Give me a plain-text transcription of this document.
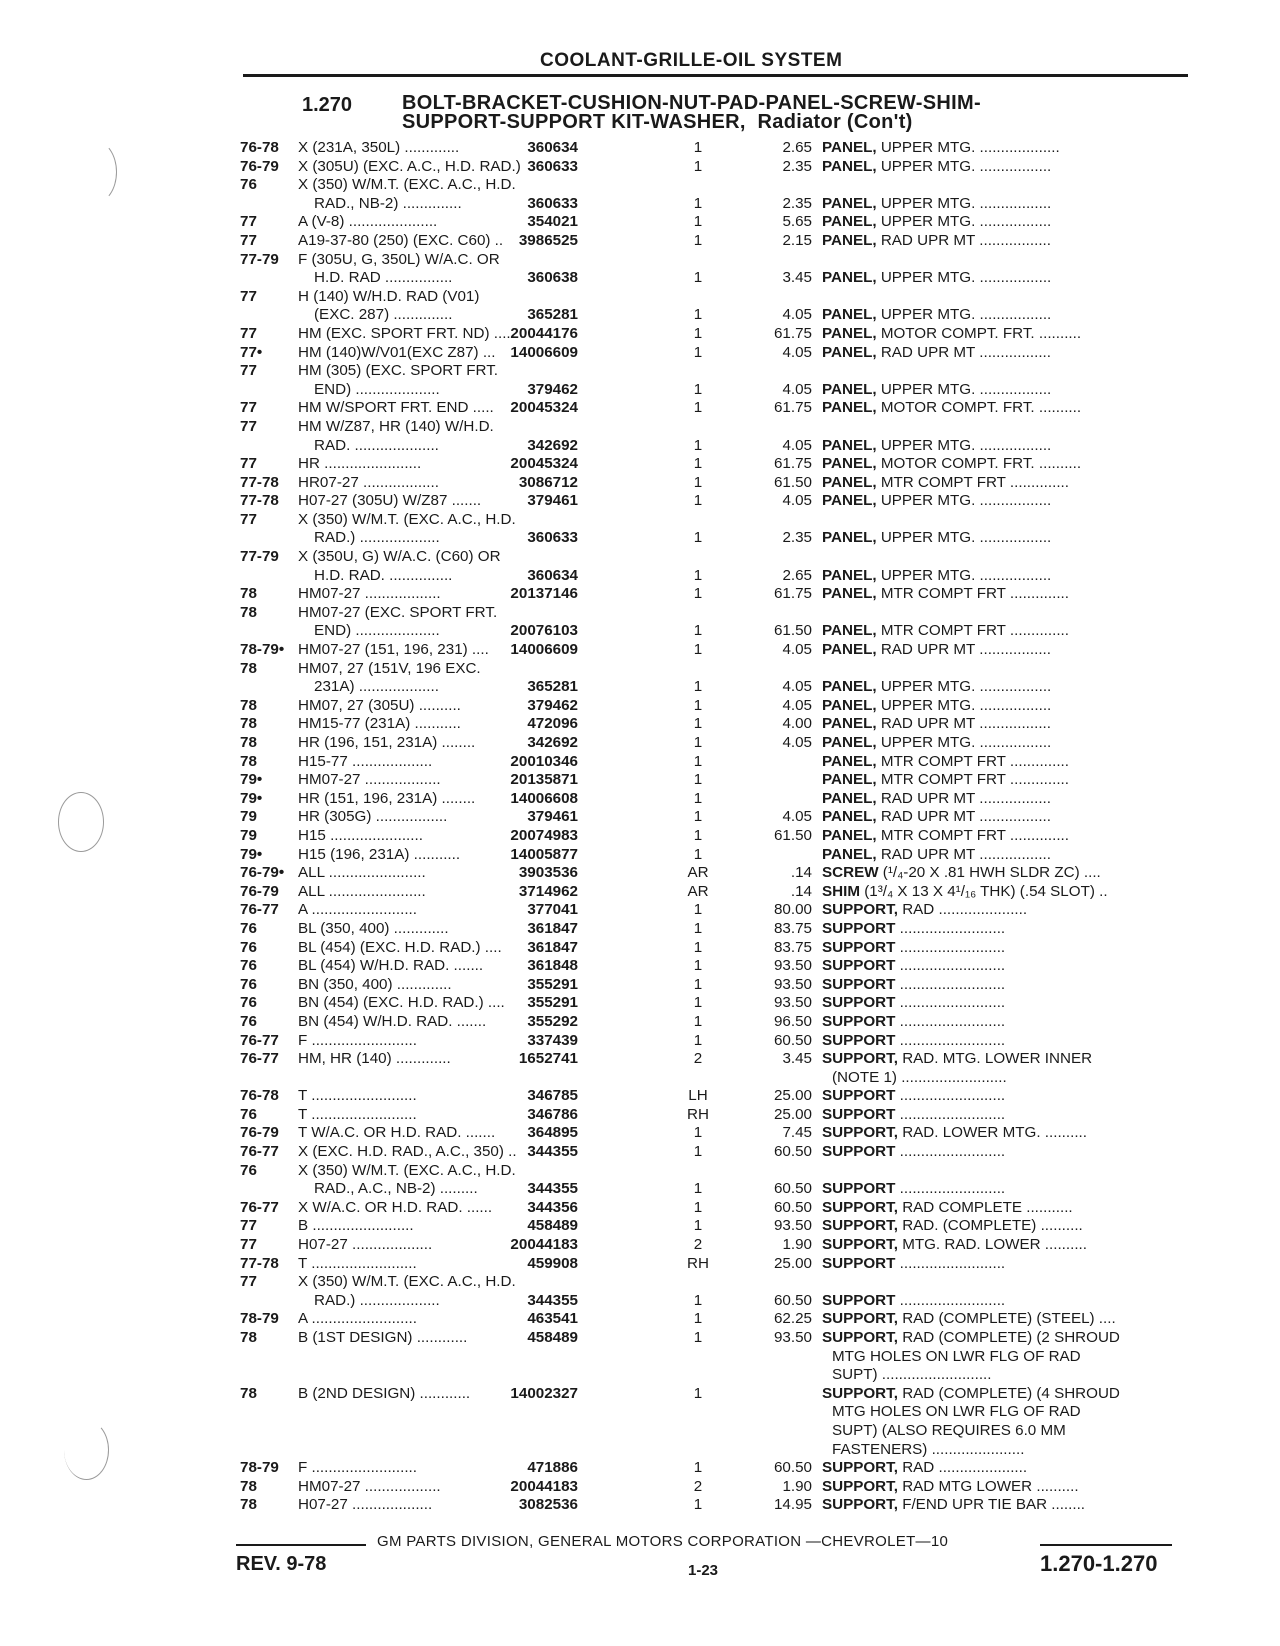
COOLANT-GRILLE-OIL SYSTEM
1.270 BOLT-BRACKET-CUSHION-NUT-PAD-PANEL-SCREW-SHIM-
SUPPORT-SUPPORT KIT-WASHER, Radiator (Con't)
76-78 X (231A, 350L) .............	360634	1	2.65 PANEL, UPPER MTG. ...................
76-79 X (305U) (EXC. A.C., H.D. RAD.) 360633	1	2.35 PANEL, UPPER MTG. .................
76	X (350) W/M.T. (EXC. A.C., H.D.
RAD., NB-2) ..............	360633	1	2.35 PANEL, UPPER MTG. .................
77	A (V-8) .....................	354021	1	5.65 PANEL, UPPER MTG. .................
77	A19-37-80 (250) (EXC. C60) ..	3986525	1	2.15 PANEL, RAD UPR MT .................
77-79 F (305U, G, 350L) W/A.C. OR
H.D. RAD ................	360638	1	3.45 PANEL, UPPER MTG. .................
77	H (140) W/H.D. RAD (V01)
(EXC. 287) ..............	365281	1	4.05 PANEL, UPPER MTG. .................
77	HM (EXC. SPORT FRT. ND) .... 20044176	1	61.75 PANEL, MOTOR COMPT. FRT. ..........
77• HM (140)W/V01(EXC Z87) ... 14006609	1	4.05 PANEL, RAD UPR MT .................
77	HM (305) (EXC. SPORT FRT.
END) ....................	379462	1	4.05 PANEL, UPPER MTG. .................
77	HM W/SPORT FRT. END .....	20045324	1	61.75 PANEL, MOTOR COMPT. FRT. ..........
77	HM W/Z87, HR (140) W/H.D.
RAD. ....................	342692	1	4.05 PANEL, UPPER MTG. .................
77	HR .......................	20045324	1	61.75 PANEL, MOTOR COMPT. FRT. ..........
77-78 HR07-27 ..................	3086712	1	61.50 PANEL, MTR COMPT FRT ..............
77-78 H07-27 (305U) W/Z87 .......	379461	1	4.05 PANEL, UPPER MTG. .................
77	X (350) W/M.T. (EXC. A.C., H.D.
RAD.) ...................	360633	1	2.35 PANEL, UPPER MTG. .................
77-79 X (350U, G) W/A.C. (C60) OR
H.D. RAD. ...............	360634	1	2.65 PANEL, UPPER MTG. .................
78	HM07-27 ..................	20137146	1	61.75 PANEL, MTR COMPT FRT ..............
78	HM07-27 (EXC. SPORT FRT.
END) ....................	20076103	1	61.50 PANEL, MTR COMPT FRT ..............
78-79• HM07-27 (151, 196, 231) ....	14006609	1	4.05 PANEL, RAD UPR MT .................
78	HM07, 27 (151V, 196 EXC.
231A) ...................	365281	1	4.05 PANEL, UPPER MTG. .................
78	HM07, 27 (305U) ..........	379462	1	4.05 PANEL, UPPER MTG. .................
78	HM15-77 (231A) ...........	472096	1	4.00 PANEL, RAD UPR MT .................
78	HR (196, 151, 231A) ........	342692	1	4.05 PANEL, UPPER MTG. .................
78	H15-77 ...................	20010346	1	PANEL, MTR COMPT FRT ..............
79• HM07-27 ..................	20135871	1	PANEL, MTR COMPT FRT ..............
79• HR (151, 196, 231A) ........	14006608	1	PANEL, RAD UPR MT .................
79	HR (305G) .................	379461	1	4.05 PANEL, RAD UPR MT .................
79	H15 ......................	20074983	1	61.50 PANEL, MTR COMPT FRT ..............
79• H15 (196, 231A) ...........	14005877	1	PANEL, RAD UPR MT .................
76-79• ALL .......................	3903536	AR	.14 SCREW (¹/₄-20 X .81 HWH SLDR ZC) ....
76-79 ALL .......................	3714962	AR	.14 SHIM (1³/₄ X 13 X 4¹/₁₆ THK) (.54 SLOT) ..
76-77 A .........................	377041	1	80.00 SUPPORT, RAD .....................
76	BL (350, 400) .............	361847	1	83.75 SUPPORT .........................
76	BL (454) (EXC. H.D. RAD.) ....	361847	1	83.75 SUPPORT .........................
76	BL (454) W/H.D. RAD. .......	361848	1	93.50 SUPPORT .........................
76	BN (350, 400) .............	355291	1	93.50 SUPPORT .........................
76	BN (454) (EXC. H.D. RAD.) ....	355291	1	93.50 SUPPORT .........................
76	BN (454) W/H.D. RAD. .......	355292	1	96.50 SUPPORT .........................
76-77 F .........................	337439	1	60.50 SUPPORT .........................
76-77 HM, HR (140) .............	1652741	2	3.45 SUPPORT, RAD. MTG. LOWER INNER
(NOTE 1) .........................
76-78 T .........................	346785	LH	25.00 SUPPORT .........................
76	T .........................	346786	RH	25.00 SUPPORT .........................
76-79 T W/A.C. OR H.D. RAD. .......	364895	1	7.45 SUPPORT, RAD. LOWER MTG. ..........
76-77 X (EXC. H.D. RAD., A.C., 350) .. 344355	1	60.50 SUPPORT .........................
76	X (350) W/M.T. (EXC. A.C., H.D.
RAD., A.C., NB-2) .........	344355	1	60.50 SUPPORT .........................
76-77 X W/A.C. OR H.D. RAD. ......	344356	1	60.50 SUPPORT, RAD COMPLETE ...........
77	B ........................	458489	1	93.50 SUPPORT, RAD. (COMPLETE) ..........
77	H07-27 ...................	20044183	2	1.90 SUPPORT, MTG. RAD. LOWER ..........
77-78 T .........................	459908	RH	25.00 SUPPORT .........................
77	X (350) W/M.T. (EXC. A.C., H.D.
RAD.) ...................	344355	1	60.50 SUPPORT .........................
78-79 A .........................	463541	1	62.25 SUPPORT, RAD (COMPLETE) (STEEL) ....
78	B (1ST DESIGN) ............	458489	1	93.50 SUPPORT, RAD (COMPLETE) (2 SHROUD
MTG HOLES ON LWR FLG OF RAD
SUPT) ..........................
78	B (2ND DESIGN) ............	14002327	1	SUPPORT, RAD (COMPLETE) (4 SHROUD
MTG HOLES ON LWR FLG OF RAD
SUPT) (ALSO REQUIRES 6.0 MM
FASTENERS) ......................
78-79 F .........................	471886	1	60.50 SUPPORT, RAD .....................
78	HM07-27 ..................	20044183	2	1.90 SUPPORT, RAD MTG LOWER ..........
78	H07-27 ...................	3082536	1	14.95 SUPPORT, F/END UPR TIE BAR ........
GM PARTS DIVISION, GENERAL MOTORS CORPORATION —CHEVROLET—10
REV. 9-78	1-23	1.270-1.270
